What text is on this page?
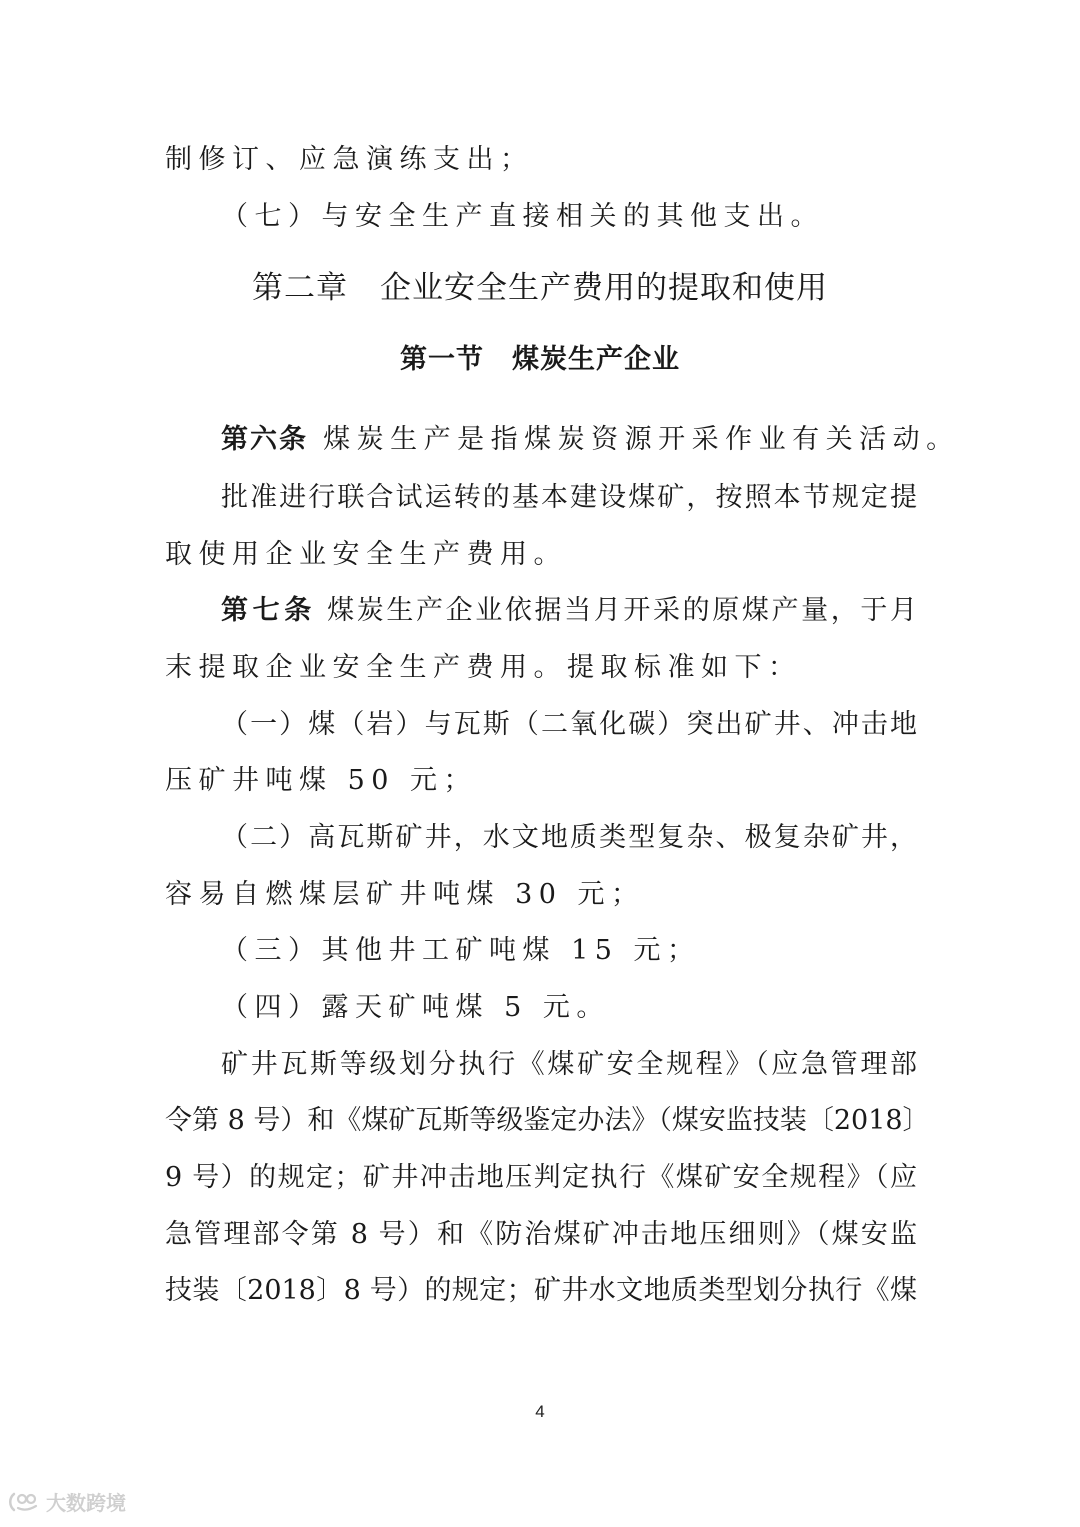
制修订、应急演练支出；
（七）与安全生产直接相关的其他支出。
第二章　企业安全生产费用的提取和使用
第一节　煤炭生产企业
第六条 煤炭生产是指煤炭资源开采作业有关活动。
批准进行联合试运转的基本建设煤矿，按照本节规定提
取使用企业安全生产费用。
第七条 煤炭生产企业依据当月开采的原煤产量，于月
末提取企业安全生产费用。提取标准如下：
（一）煤（岩）与瓦斯（二氧化碳）突出矿井、冲击地
压矿井吨煤 50 元；
（二）高瓦斯矿井，水文地质类型复杂、极复杂矿井，
容易自燃煤层矿井吨煤 30 元；
（三）其他井工矿吨煤 15 元；
（四）露天矿吨煤 5 元。
矿井瓦斯等级划分执行《煤矿安全规程》（应急管理部
令第 8 号）和《煤矿瓦斯等级鉴定办法》（煤安监技装〔2018〕
9 号）的规定；矿井冲击地压判定执行《煤矿安全规程》（应
急管理部令第 8 号）和《防治煤矿冲击地压细则》（煤安监
技装〔2018〕8 号）的规定；矿井水文地质类型划分执行《煤
4
大数跨境
